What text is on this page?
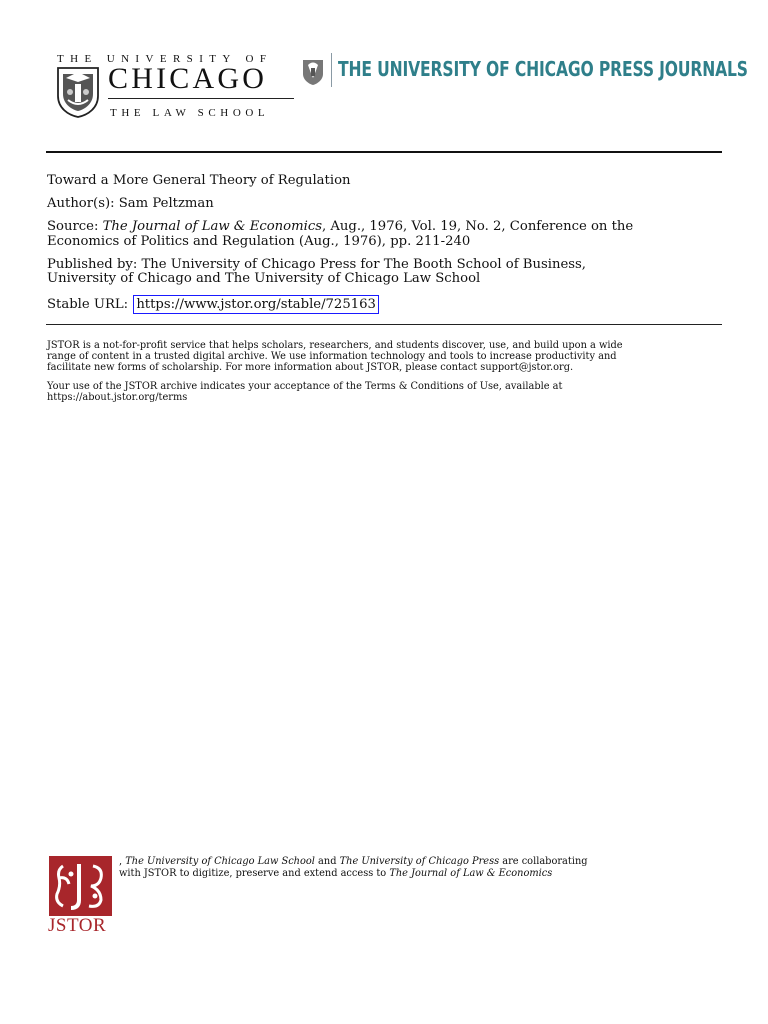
THE UNIVERSITY OF
CHICAGO
THE LAW SCHOOL
THE UNIVERSITY OF CHICAGO PRESS JOURNALS
Toward a More General Theory of Regulation
Author(s): Sam Peltzman
Source: The Journal of Law & Economics, Aug., 1976, Vol. 19, No. 2, Conference on the
Economics of Politics and Regulation (Aug., 1976), pp. 211-240
Published by: The University of Chicago Press for The Booth School of Business,
University of Chicago and The University of Chicago Law School
Stable URL: https://www.jstor.org/stable/725163
JSTOR is a not-for-profit service that helps scholars, researchers, and students discover, use, and build upon a wide
range of content in a trusted digital archive. We use information technology and tools to increase productivity and
facilitate new forms of scholarship. For more information about JSTOR, please contact support@jstor.org.
Your use of the JSTOR archive indicates your acceptance of the Terms & Conditions of Use, available at
https://about.jstor.org/terms
JSTOR
, The University of Chicago Law School and The University of Chicago Press are collaborating
with JSTOR to digitize, preserve and extend access to The Journal of Law & Economics
